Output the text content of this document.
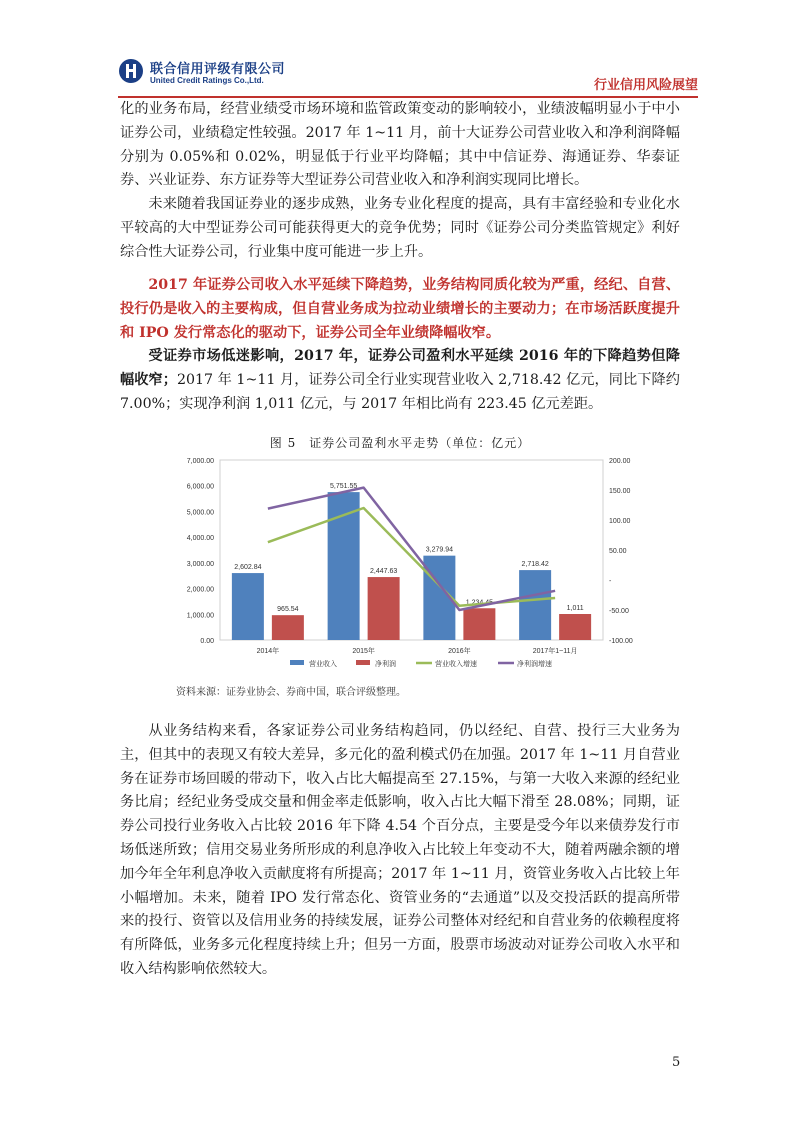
联合信用评级有限公司
United Credit Ratings Co.,Ltd.	行业信用风险展望

化的业务布局，经营业绩受市场环境和监管政策变动的影响较小，业绩波幅明显小于中小证券公司，业绩稳定性较强。2017 年 1~11 月，前十大证券公司营业收入和净利润降幅分别为 0.05%和 0.02%，明显低于行业平均降幅；其中中信证券、海通证券、华泰证券、兴业证券、东方证券等大型证券公司营业收入和净利润实现同比增长。

未来随着我国证券业的逐步成熟，业务专业化程度的提高，具有丰富经验和专业化水平较高的大中型证券公司可能获得更大的竞争优势；同时《证券公司分类监管规定》利好综合性大证券公司，行业集中度可能进一步上升。

2017 年证券公司收入水平延续下降趋势，业务结构同质化较为严重，经纪、自营、投行仍是收入的主要构成，但自营业务成为拉动业绩增长的主要动力；在市场活跃度提升和 IPO 发行常态化的驱动下，证券公司全年业绩降幅收窄。

受证券市场低迷影响，2017 年，证券公司盈利水平延续 2016 年的下降趋势但降幅收窄；2017 年 1~11 月，证券公司全行业实现营业收入 2,718.42 亿元，同比下降约 7.00%；实现净利润 1,011 亿元，与 2017 年相比尚有 223.45 亿元差距。

图 5　证券公司盈利水平走势（单位：亿元）
0.00
1,000.00
2,000.00
3,000.00
4,000.00
5,000.00
6,000.00
7,000.00
-100.00
-50.00
-
50.00
100.00
150.00
200.00
2014年	2015年	2016年	2017年1~11月
2,602.84
5,751.55
3,279.94
2,718.42
965.54
2,447.63
1,234.45
1,011
营业收入	净利润	营业收入增速	净利润增速
资料来源：证券业协会、券商中国，联合评级整理。

从业务结构来看，各家证券公司业务结构趋同，仍以经纪、自营、投行三大业务为主，但其中的表现又有较大差异，多元化的盈利模式仍在加强。2017 年 1~11 月自营业务在证券市场回暖的带动下，收入占比大幅提高至 27.15%，与第一大收入来源的经纪业务比肩；经纪业务受成交量和佣金率走低影响，收入占比大幅下滑至 28.08%；同期，证券公司投行业务收入占比较 2016 年下降 4.54 个百分点，主要是受今年以来债券发行市场低迷所致；信用交易业务所形成的利息净收入占比较上年变动不大，随着两融余额的增加今年全年利息净收入贡献度将有所提高；2017 年 1~11 月，资管业务收入占比较上年小幅增加。未来，随着 IPO 发行常态化、资管业务的“去通道”以及交投活跃的提高所带来的投行、资管以及信用业务的持续发展，证券公司整体对经纪和自营业务的依赖程度将有所降低，业务多元化程度持续上升；但另一方面，股票市场波动对证券公司收入水平和收入结构影响依然较大。

5
